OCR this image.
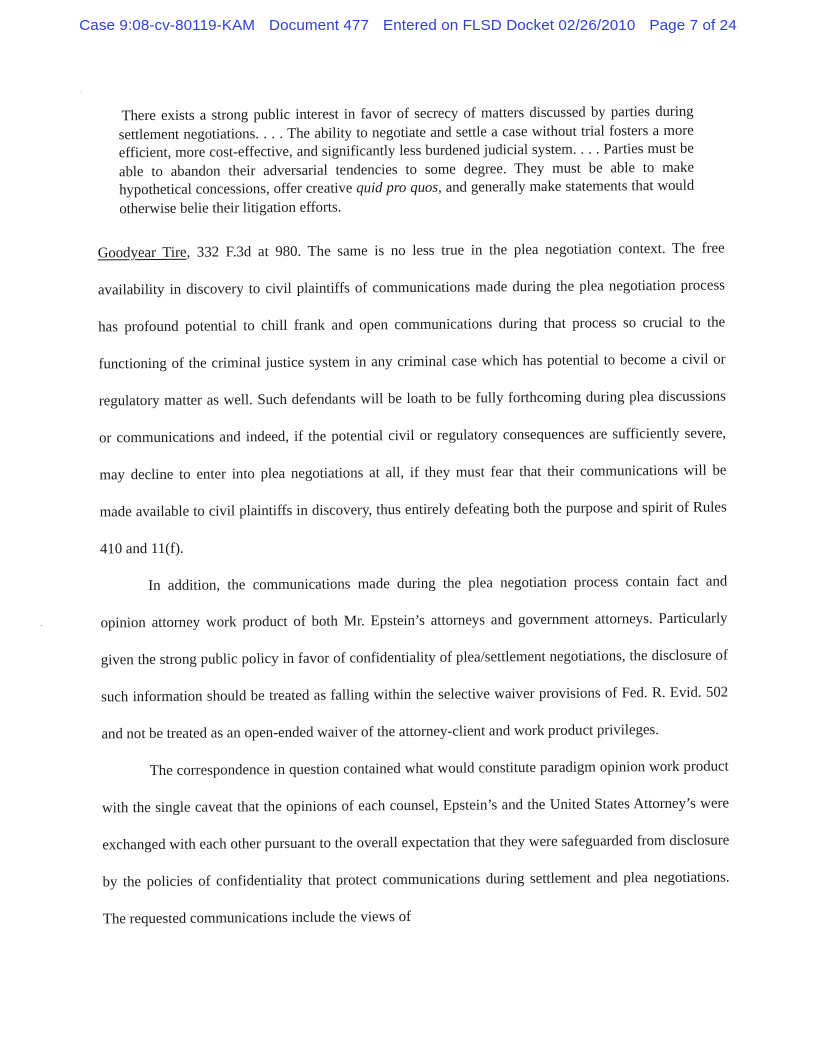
Case 9:08-cv-80119-KAM Document 477 Entered on FLSD Docket 02/26/2010 Page 7 of 24
There exists a strong public interest in favor of secrecy of matters discussed by parties during settlement negotiations. . . . The ability to negotiate and settle a case without trial fosters a more efficient, more cost-effective, and significantly less burdened judicial system. . . . Parties must be able to abandon their adversarial tendencies to some degree. They must be able to make hypothetical concessions, offer creative quid pro quos, and generally make statements that would otherwise belie their litigation efforts.

Goodyear Tire, 332 F.3d at 980. The same is no less true in the plea negotiation context. The free availability in discovery to civil plaintiffs of communications made during the plea negotiation process has profound potential to chill frank and open communications during that process so crucial to the functioning of the criminal justice system in any criminal case which has potential to become a civil or regulatory matter as well. Such defendants will be loath to be fully forthcoming during plea discussions or communications and indeed, if the potential civil or regulatory consequences are sufficiently severe, may decline to enter into plea negotiations at all, if they must fear that their communications will be made available to civil plaintiffs in discovery, thus entirely defeating both the purpose and spirit of Rules 410 and 11(f).

In addition, the communications made during the plea negotiation process contain fact and opinion attorney work product of both Mr. Epstein’s attorneys and government attorneys. Particularly given the strong public policy in favor of confidentiality of plea/settlement negotiations, the disclosure of such information should be treated as falling within the selective waiver provisions of Fed. R. Evid. 502 and not be treated as an open-ended waiver of the attorney-client and work product privileges.

The correspondence in question contained what would constitute paradigm opinion work product with the single caveat that the opinions of each counsel, Epstein’s and the United States Attorney’s were exchanged with each other pursuant to the overall expectation that they were safeguarded from disclosure by the policies of confidentiality that protect communications during settlement and plea negotiations. The requested communications include the views of
